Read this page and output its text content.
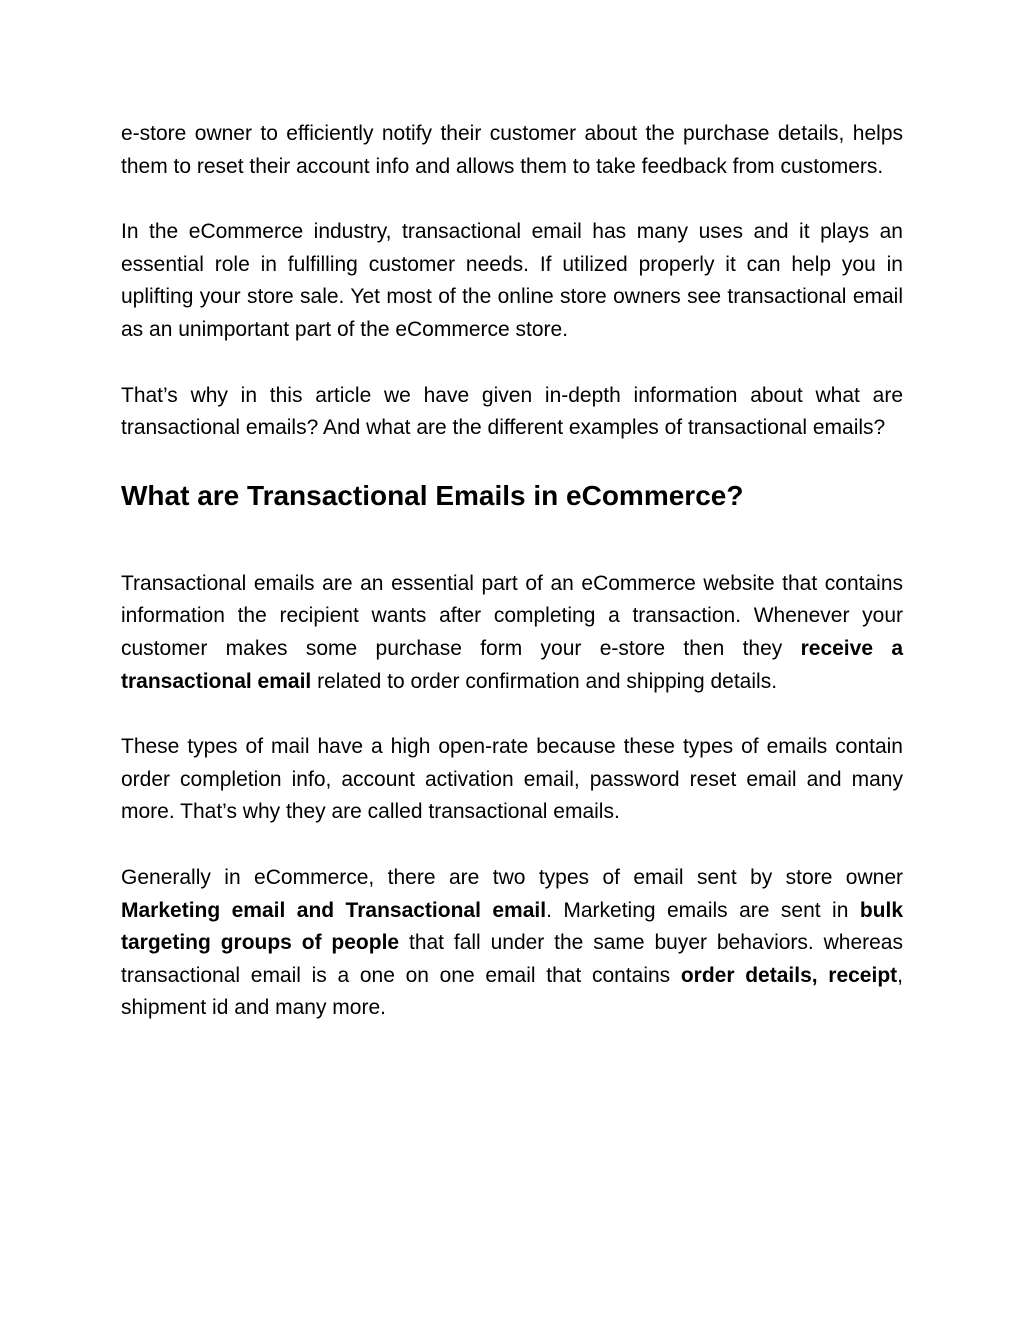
e-store owner to efficiently notify their customer about the purchase details, helps them to reset their account info and allows them to take feedback from customers.

In the eCommerce industry, transactional email has many uses and it plays an essential role in fulfilling customer needs. If utilized properly it can help you in uplifting your store sale. Yet most of the online store owners see transactional email as an unimportant part of the eCommerce store.

That’s why in this article we have given in-depth information about what are transactional emails? And what are the different examples of transactional emails?

What are Transactional Emails in eCommerce?

Transactional emails are an essential part of an eCommerce website that contains information the recipient wants after completing a transaction. Whenever your customer makes some purchase form your e-store then they receive a transactional email related to order confirmation and shipping details.

These types of mail have a high open-rate because these types of emails contain order completion info, account activation email, password reset email and many more. That’s why they are called transactional emails.

Generally in eCommerce, there are two types of email sent by store owner Marketing email and Transactional email. Marketing emails are sent in bulk targeting groups of people that fall under the same buyer behaviors. whereas transactional email is a one on one email that contains order details, receipt, shipment id and many more.
